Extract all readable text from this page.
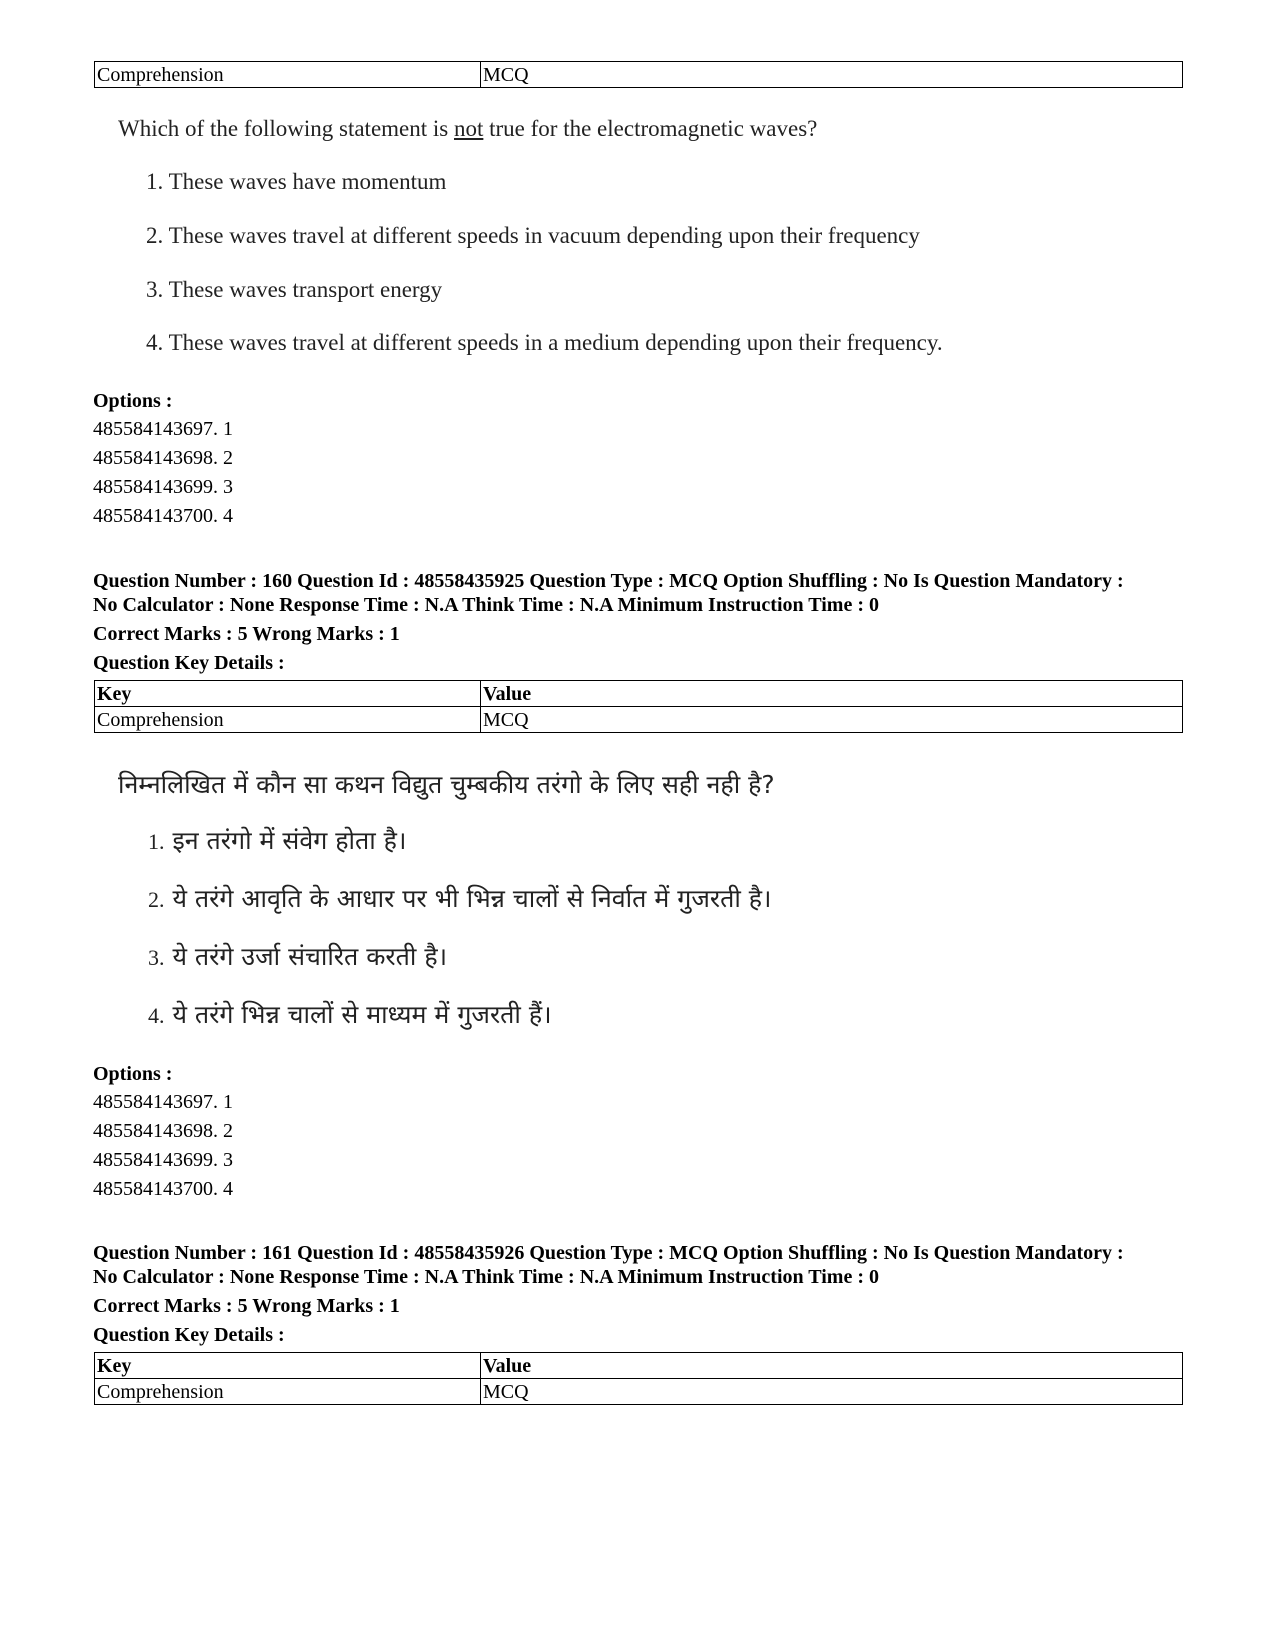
Comprehension	MCQ
Which of the following statement is not true for the electromagnetic waves?
1. These waves have momentum
2. These waves travel at different speeds in vacuum depending upon their frequency
3. These waves transport energy
4. These waves travel at different speeds in a medium depending upon their frequency.
Options :
485584143697. 1
485584143698. 2
485584143699. 3
485584143700. 4
Question Number : 160 Question Id : 48558435925 Question Type : MCQ Option Shuffling : No Is Question Mandatory :
No Calculator : None Response Time : N.A Think Time : N.A Minimum Instruction Time : 0
Correct Marks : 5 Wrong Marks : 1
Question Key Details :
Key	Value
Comprehension	MCQ
निम्नलिखित में कौन सा कथन विद्युत चुम्बकीय तरंगो के लिए सही नही है?
1. इन तरंगो में संवेग होता है।
2. ये तरंगे आवृति के आधार पर भी भिन्न चालों से निर्वात में गुजरती है।
3. ये तरंगे उर्जा संचारित करती है।
4. ये तरंगे भिन्न चालों से माध्यम में गुजरती हैं।
Options :
485584143697. 1
485584143698. 2
485584143699. 3
485584143700. 4
Question Number : 161 Question Id : 48558435926 Question Type : MCQ Option Shuffling : No Is Question Mandatory :
No Calculator : None Response Time : N.A Think Time : N.A Minimum Instruction Time : 0
Correct Marks : 5 Wrong Marks : 1
Question Key Details :
Key	Value
Comprehension	MCQ
